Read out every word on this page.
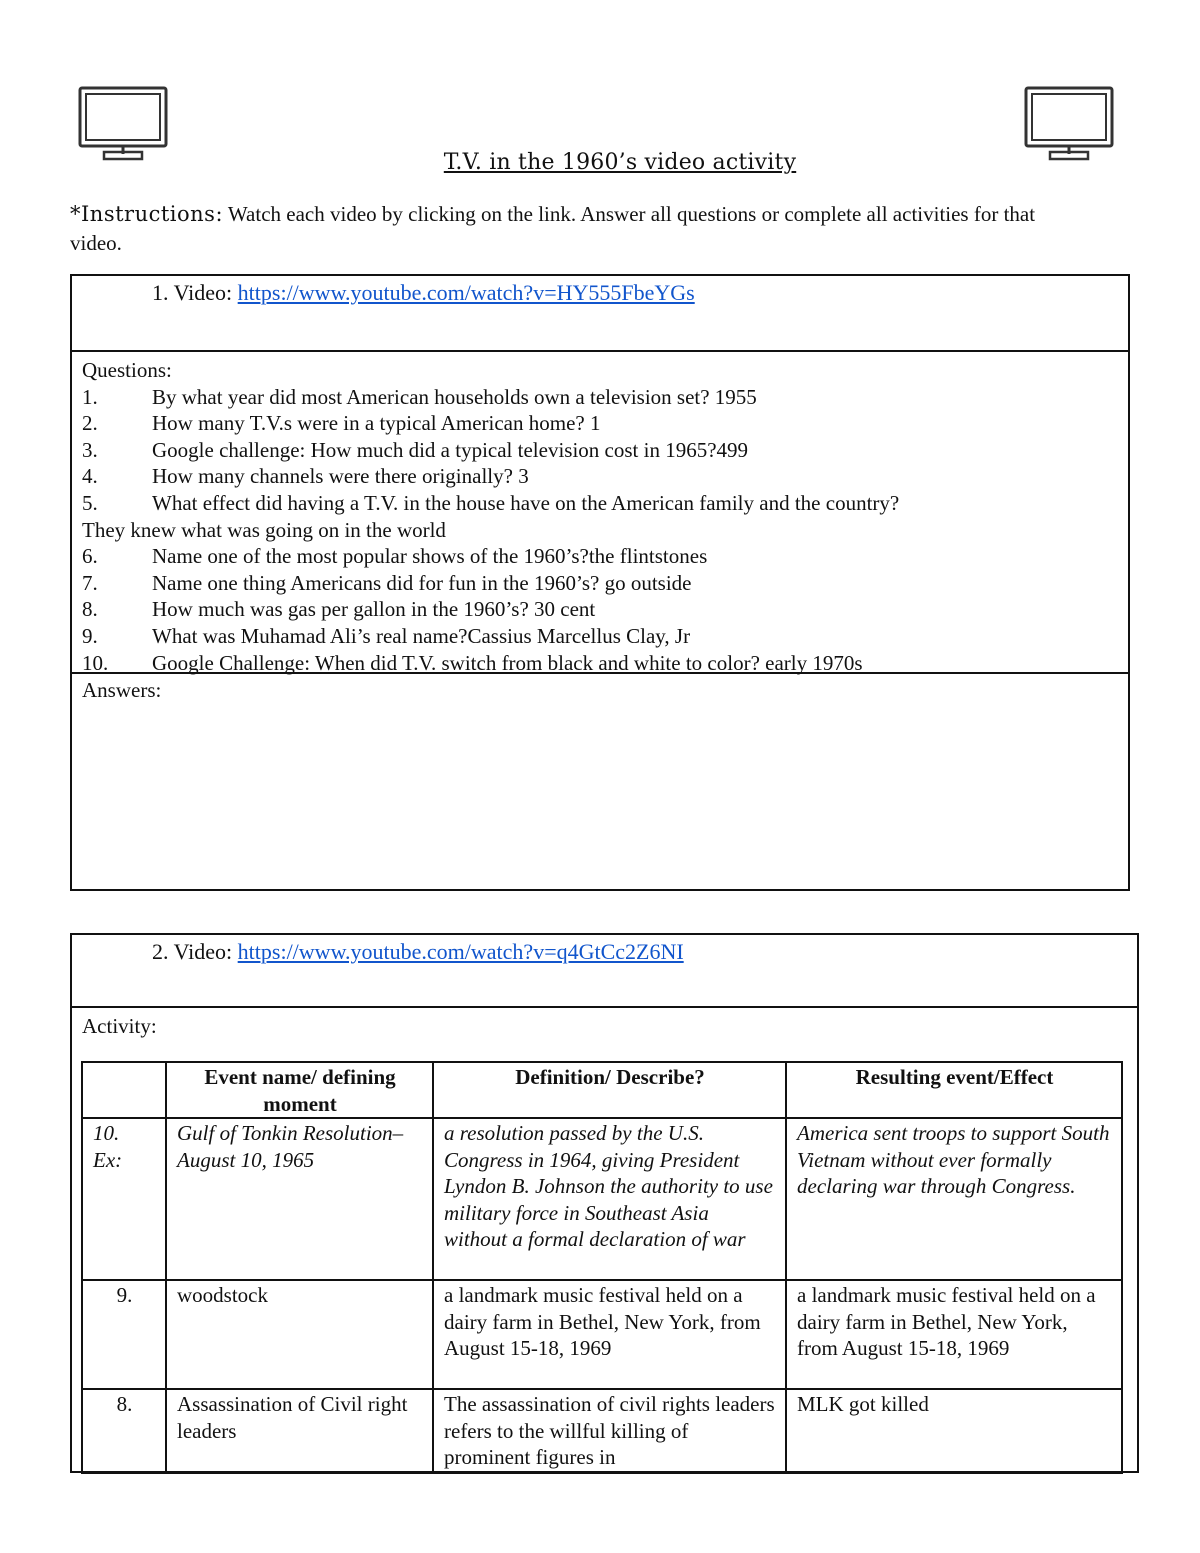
T.V. in the 1960’s video activity
*Instructions: Watch each video by clicking on the link. Answer all questions or complete all activities for that video.
1. Video: https://www.youtube.com/watch?v=HY555FbeYGs
Questions:
1.	By what year did most American households own a television set? 1955
2.	How many T.V.s were in a typical American home? 1
3.	Google challenge: How much did a typical television cost in 1965?499
4.	How many channels were there originally? 3
5.	What effect did having a T.V. in the house have on the American family and the country?
They knew what was going on in the world
6.	Name one of the most popular shows of the 1960’s?the flintstones
7.	Name one thing Americans did for fun in the 1960’s? go outside
8.	How much was gas per gallon in the 1960’s? 30 cent
9.	What was Muhamad Ali’s real name?Cassius Marcellus Clay, Jr
10. Google Challenge: When did T.V. switch from black and white to color? early 1970s
Answers:
2. Video: https://www.youtube.com/watch?v=q4GtCc2Z6NI
Activity:
	Event name/ defining moment	Definition/ Describe?	Resulting event/Effect
10.
Ex:	Gulf of Tonkin Resolution– August 10, 1965	a resolution passed by the U.S. Congress in 1964, giving President Lyndon B. Johnson the authority to use military force in Southeast Asia without a formal declaration of war	America sent troops to support South Vietnam without ever formally declaring war through Congress.
9.	woodstock	a landmark music festival held on a dairy farm in Bethel, New York, from August 15-18, 1969	a landmark music festival held on a dairy farm in Bethel, New York, from August 15-18, 1969
8.	Assassination of Civil right leaders	The assassination of civil rights leaders refers to the willful killing of prominent figures in	MLK got killed
